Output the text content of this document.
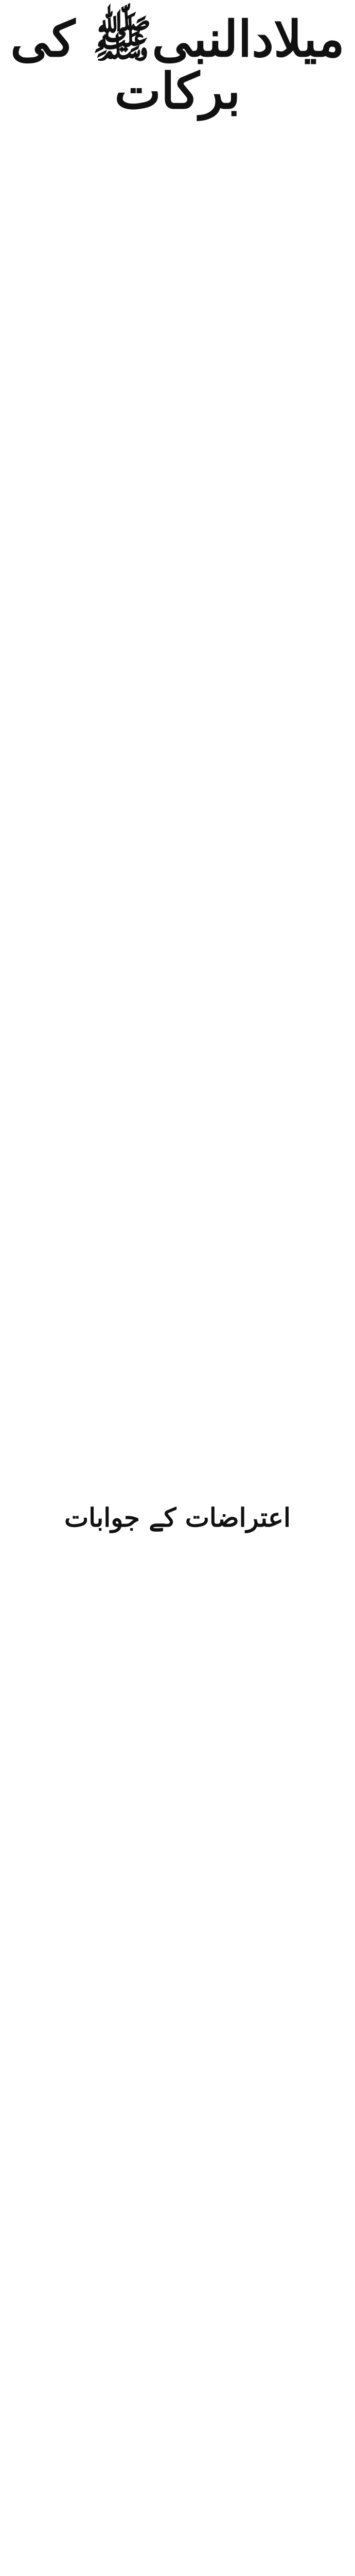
میلادالنبیﷺ کی برکات

اعتراضات کے جوابات
